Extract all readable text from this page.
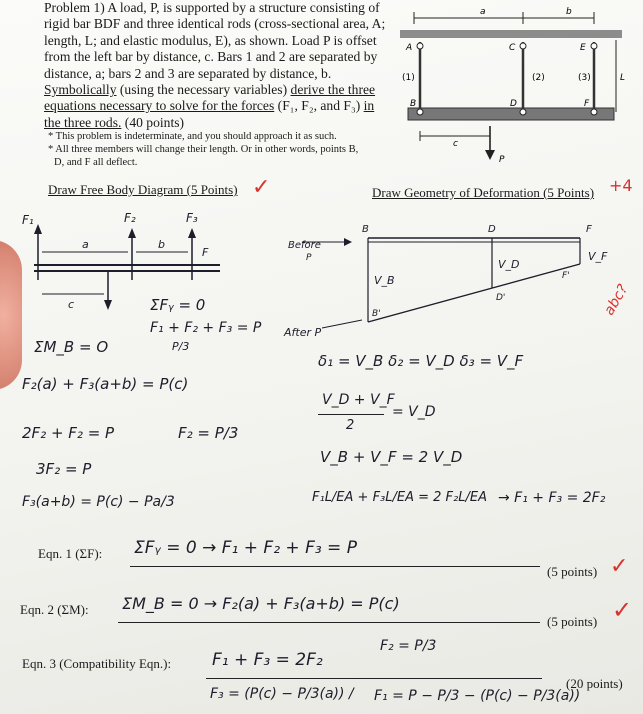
Problem 1) A load, P, is supported by a structure consisting of

rigid bar BDF and three identical rods (cross-sectional area, A;

length, L; and elastic modulus, E), as shown. Load P is offset

from the left bar by distance, c. Bars 1 and 2 are separated by

distance, a; bars 2 and 3 are separated by distance, b.

Symbolically (using the necessary variables) derive the three

equations necessary to solve for the forces (F₁, F₂, and F₃) in

the three rods. (40 points)

* This problem is indeterminate, and you should approach it as such.
* All three members will change their length. Or in other words, points B,
D, and F all deflect.
a	b
A	C	E
(1)	(2)	(3)	L
B	D	F
c
P
Draw Free Body Diagram (5 Points) ✓	Draw Geometry of Deformation (5 Points) +4
F₁	F₂	F₃
a	b
F
c	ΣFᵧ = 0
F₁ + F₂ + F₃ = P
P/3
ΣM_B = O
F₂(a) + F₃(a+b) = P(c)
2F₂ + F₂ = P	F₂ = P/3
3F₂ = P
F₃(a+b) = P(c) − Pa/3
Before
P
After P
B	D	F
V_B
V_D
V_F
B'
D'
F'
abc?
δ₁ = V_B δ₂ = V_D δ₃ = V_F
V_D + V_F
2
= V_D
V_B + V_F = 2 V_D
F₁L/EA + F₃L/EA = 2 F₂L/EA → F₁ + F₃ = 2F₂
Eqn. 1 (ΣF): ΣFᵧ = 0 → F₁ + F₂ + F₃ = P
(5 points) ✓
Eqn. 2 (ΣM): ΣM_B = 0 → F₂(a) + F₃(a+b) = P(c)
(5 points) ✓
Eqn. 3 (Compatibility Eqn.): F₁ + F₃ = 2F₂
F₂ = P/3
(20 points)
F₃ = (P(c) − P/3(a)) / F₁ = P − P/3 − (P(c) − P/3(a))
